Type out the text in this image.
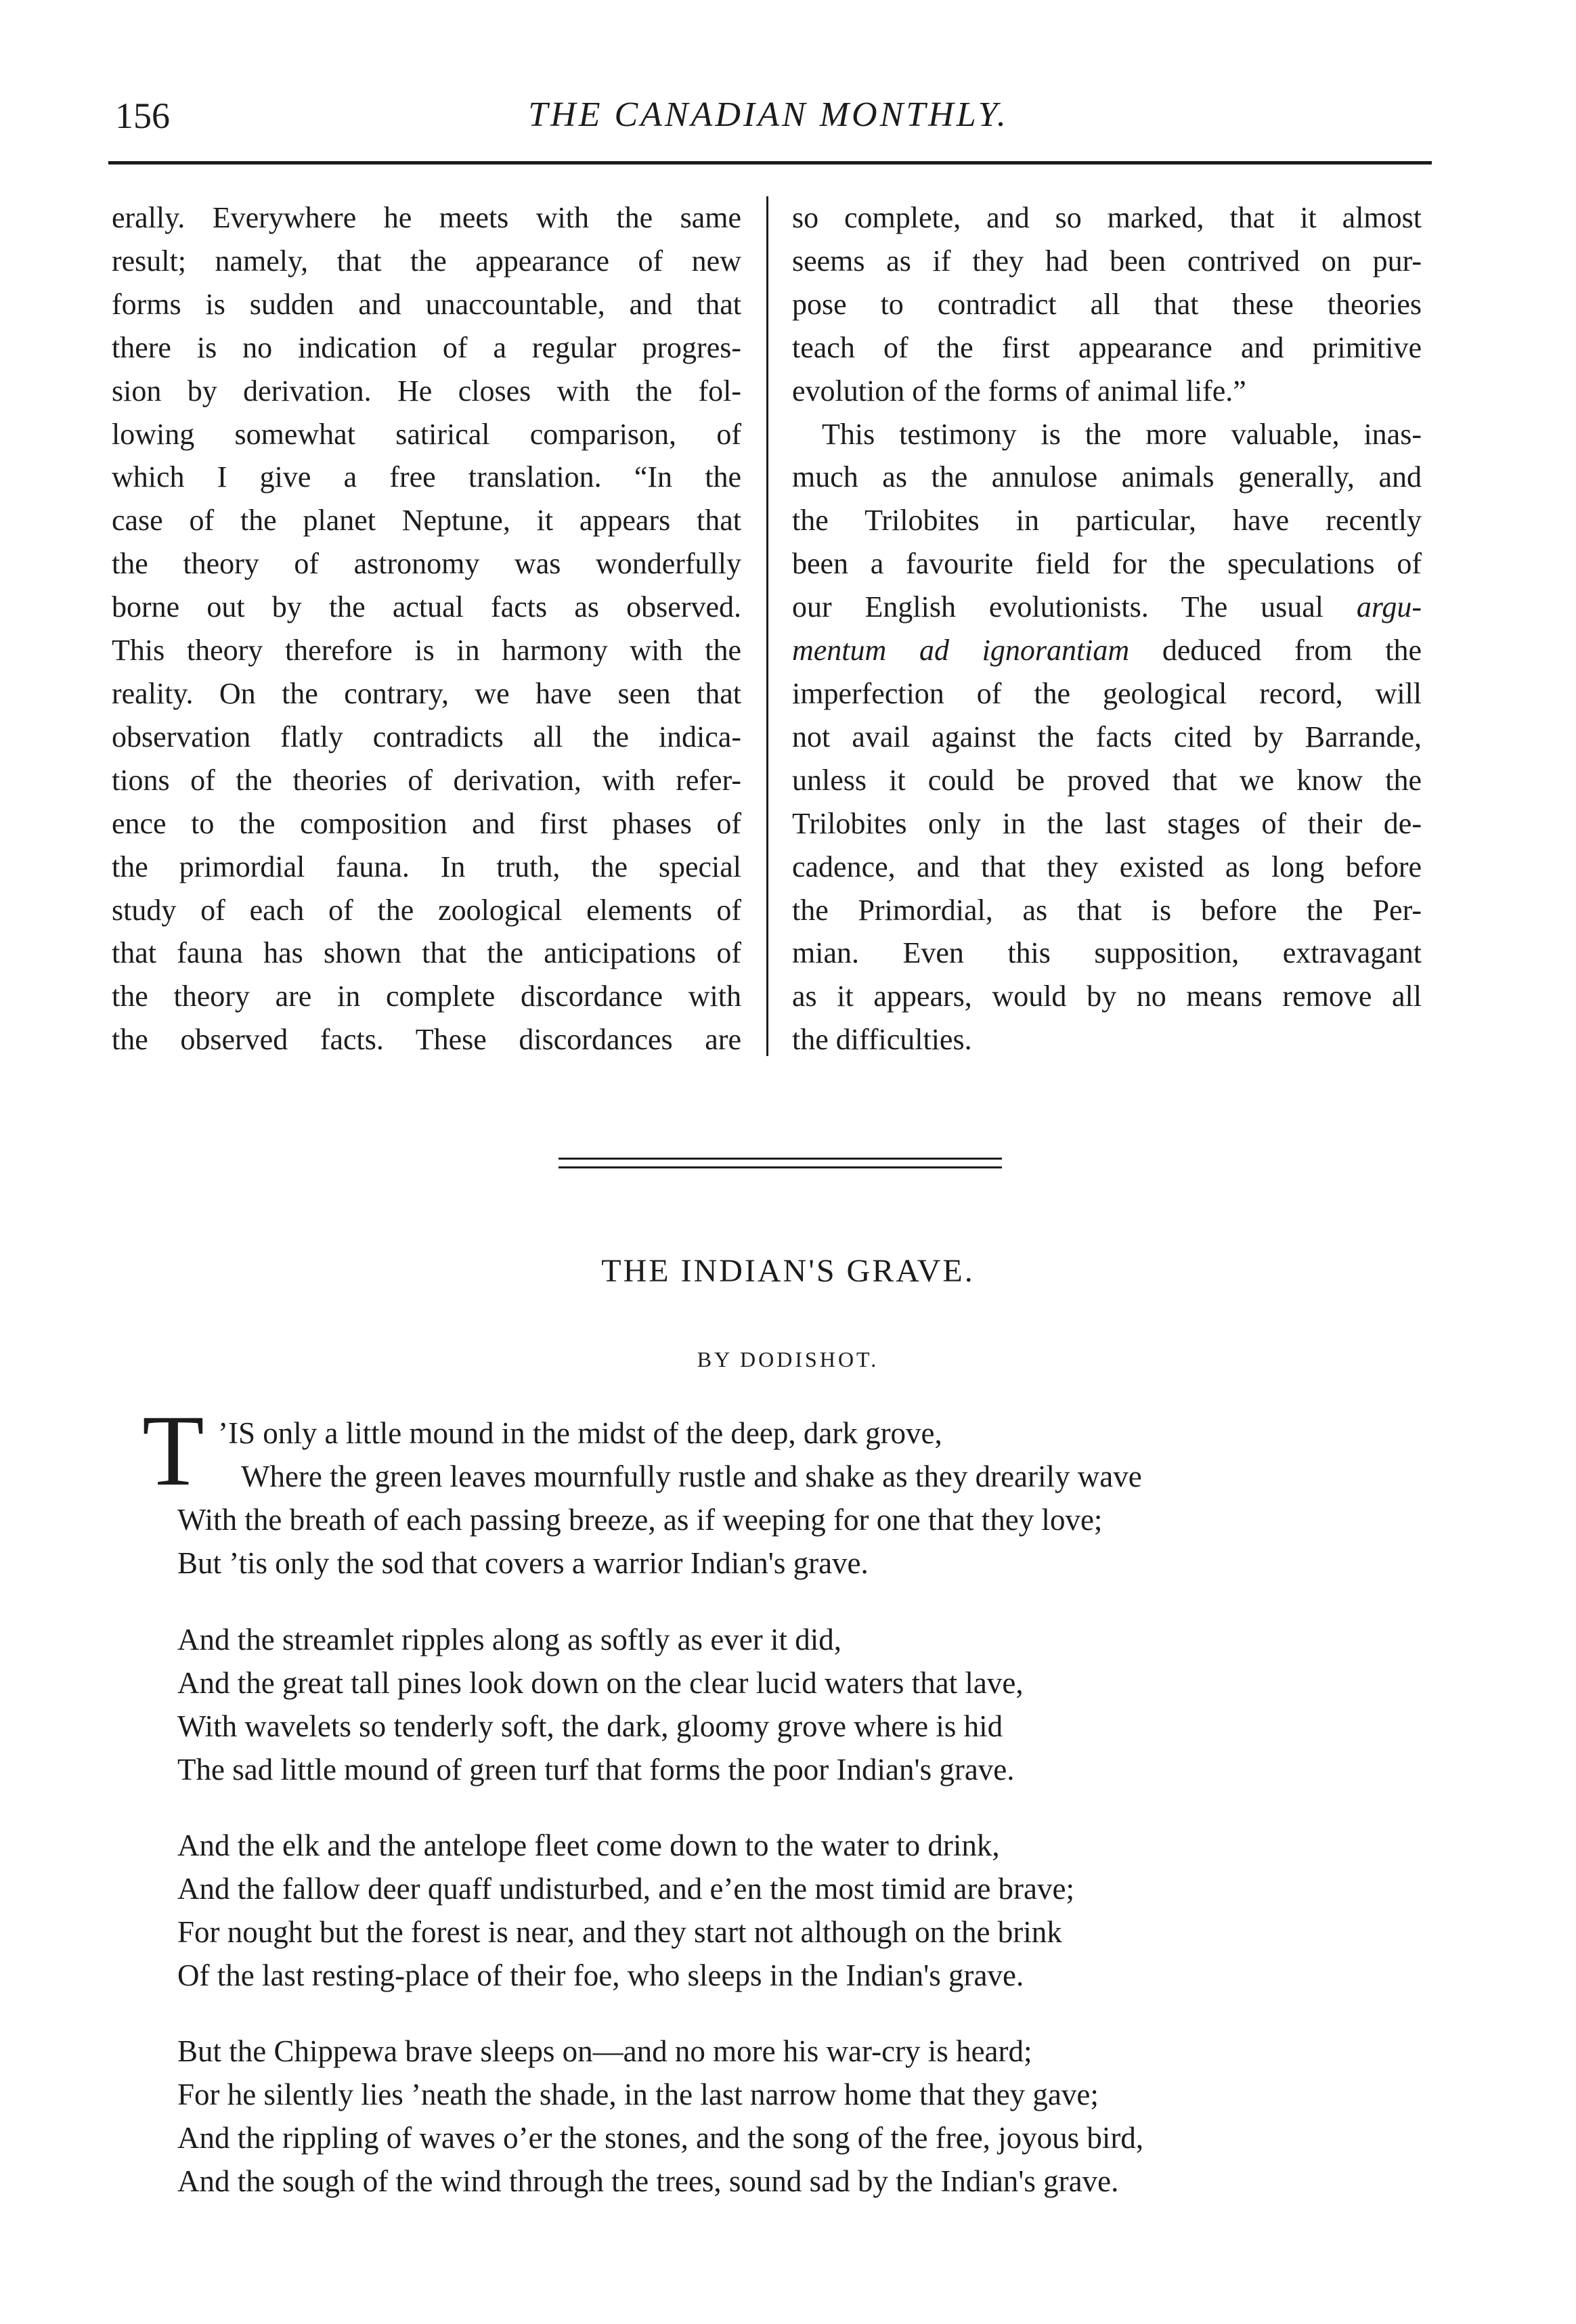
156	THE CANADIAN MONTHLY.
erally. Everywhere he meets with the same
result; namely, that the appearance of new
forms is sudden and unaccountable, and that
there is no indication of a regular progres-
sion by derivation. He closes with the fol-
lowing somewhat satirical comparison, of
which I give a free translation. “In the
case of the planet Neptune, it appears that
the theory of astronomy was wonderfully
borne out by the actual facts as observed.
This theory therefore is in harmony with the
reality. On the contrary, we have seen that
observation flatly contradicts all the indica-
tions of the theories of derivation, with refer-
ence to the composition and first phases of
the primordial fauna. In truth, the special
study of each of the zoological elements of
that fauna has shown that the anticipations of
the theory are in complete discordance with
the observed facts. These discordances are
so complete, and so marked, that it almost
seems as if they had been contrived on pur-
pose to contradict all that these theories
teach of the first appearance and primitive
evolution of the forms of animal life.”
This testimony is the more valuable, inas-
much as the annulose animals generally, and
the Trilobites in particular, have recently
been a favourite field for the speculations of
our English evolutionists. The usual argu-
mentum ad ignorantiam deduced from the
imperfection of the geological record, will
not avail against the facts cited by Barrande,
unless it could be proved that we know the
Trilobites only in the last stages of their de-
cadence, and that they existed as long before
the Primordial, as that is before the Per-
mian. Even this supposition, extravagant
as it appears, would by no means remove all
the difficulties.
THE INDIAN'S GRAVE.
BY DODISHOT.
T ’IS only a little mound in the midst of the deep, dark grove,
Where the green leaves mournfully rustle and shake as they drearily wave
With the breath of each passing breeze, as if weeping for one that they love;
But ’tis only the sod that covers a warrior Indian's grave.
And the streamlet ripples along as softly as ever it did,
And the great tall pines look down on the clear lucid waters that lave,
With wavelets so tenderly soft, the dark, gloomy grove where is hid
The sad little mound of green turf that forms the poor Indian's grave.
And the elk and the antelope fleet come down to the water to drink,
And the fallow deer quaff undisturbed, and e’en the most timid are brave;
For nought but the forest is near, and they start not although on the brink
Of the last resting-place of their foe, who sleeps in the Indian's grave.
But the Chippewa brave sleeps on—and no more his war-cry is heard;
For he silently lies ’neath the shade, in the last narrow home that they gave;
And the rippling of waves o’er the stones, and the song of the free, joyous bird,
And the sough of the wind through the trees, sound sad by the Indian's grave.
